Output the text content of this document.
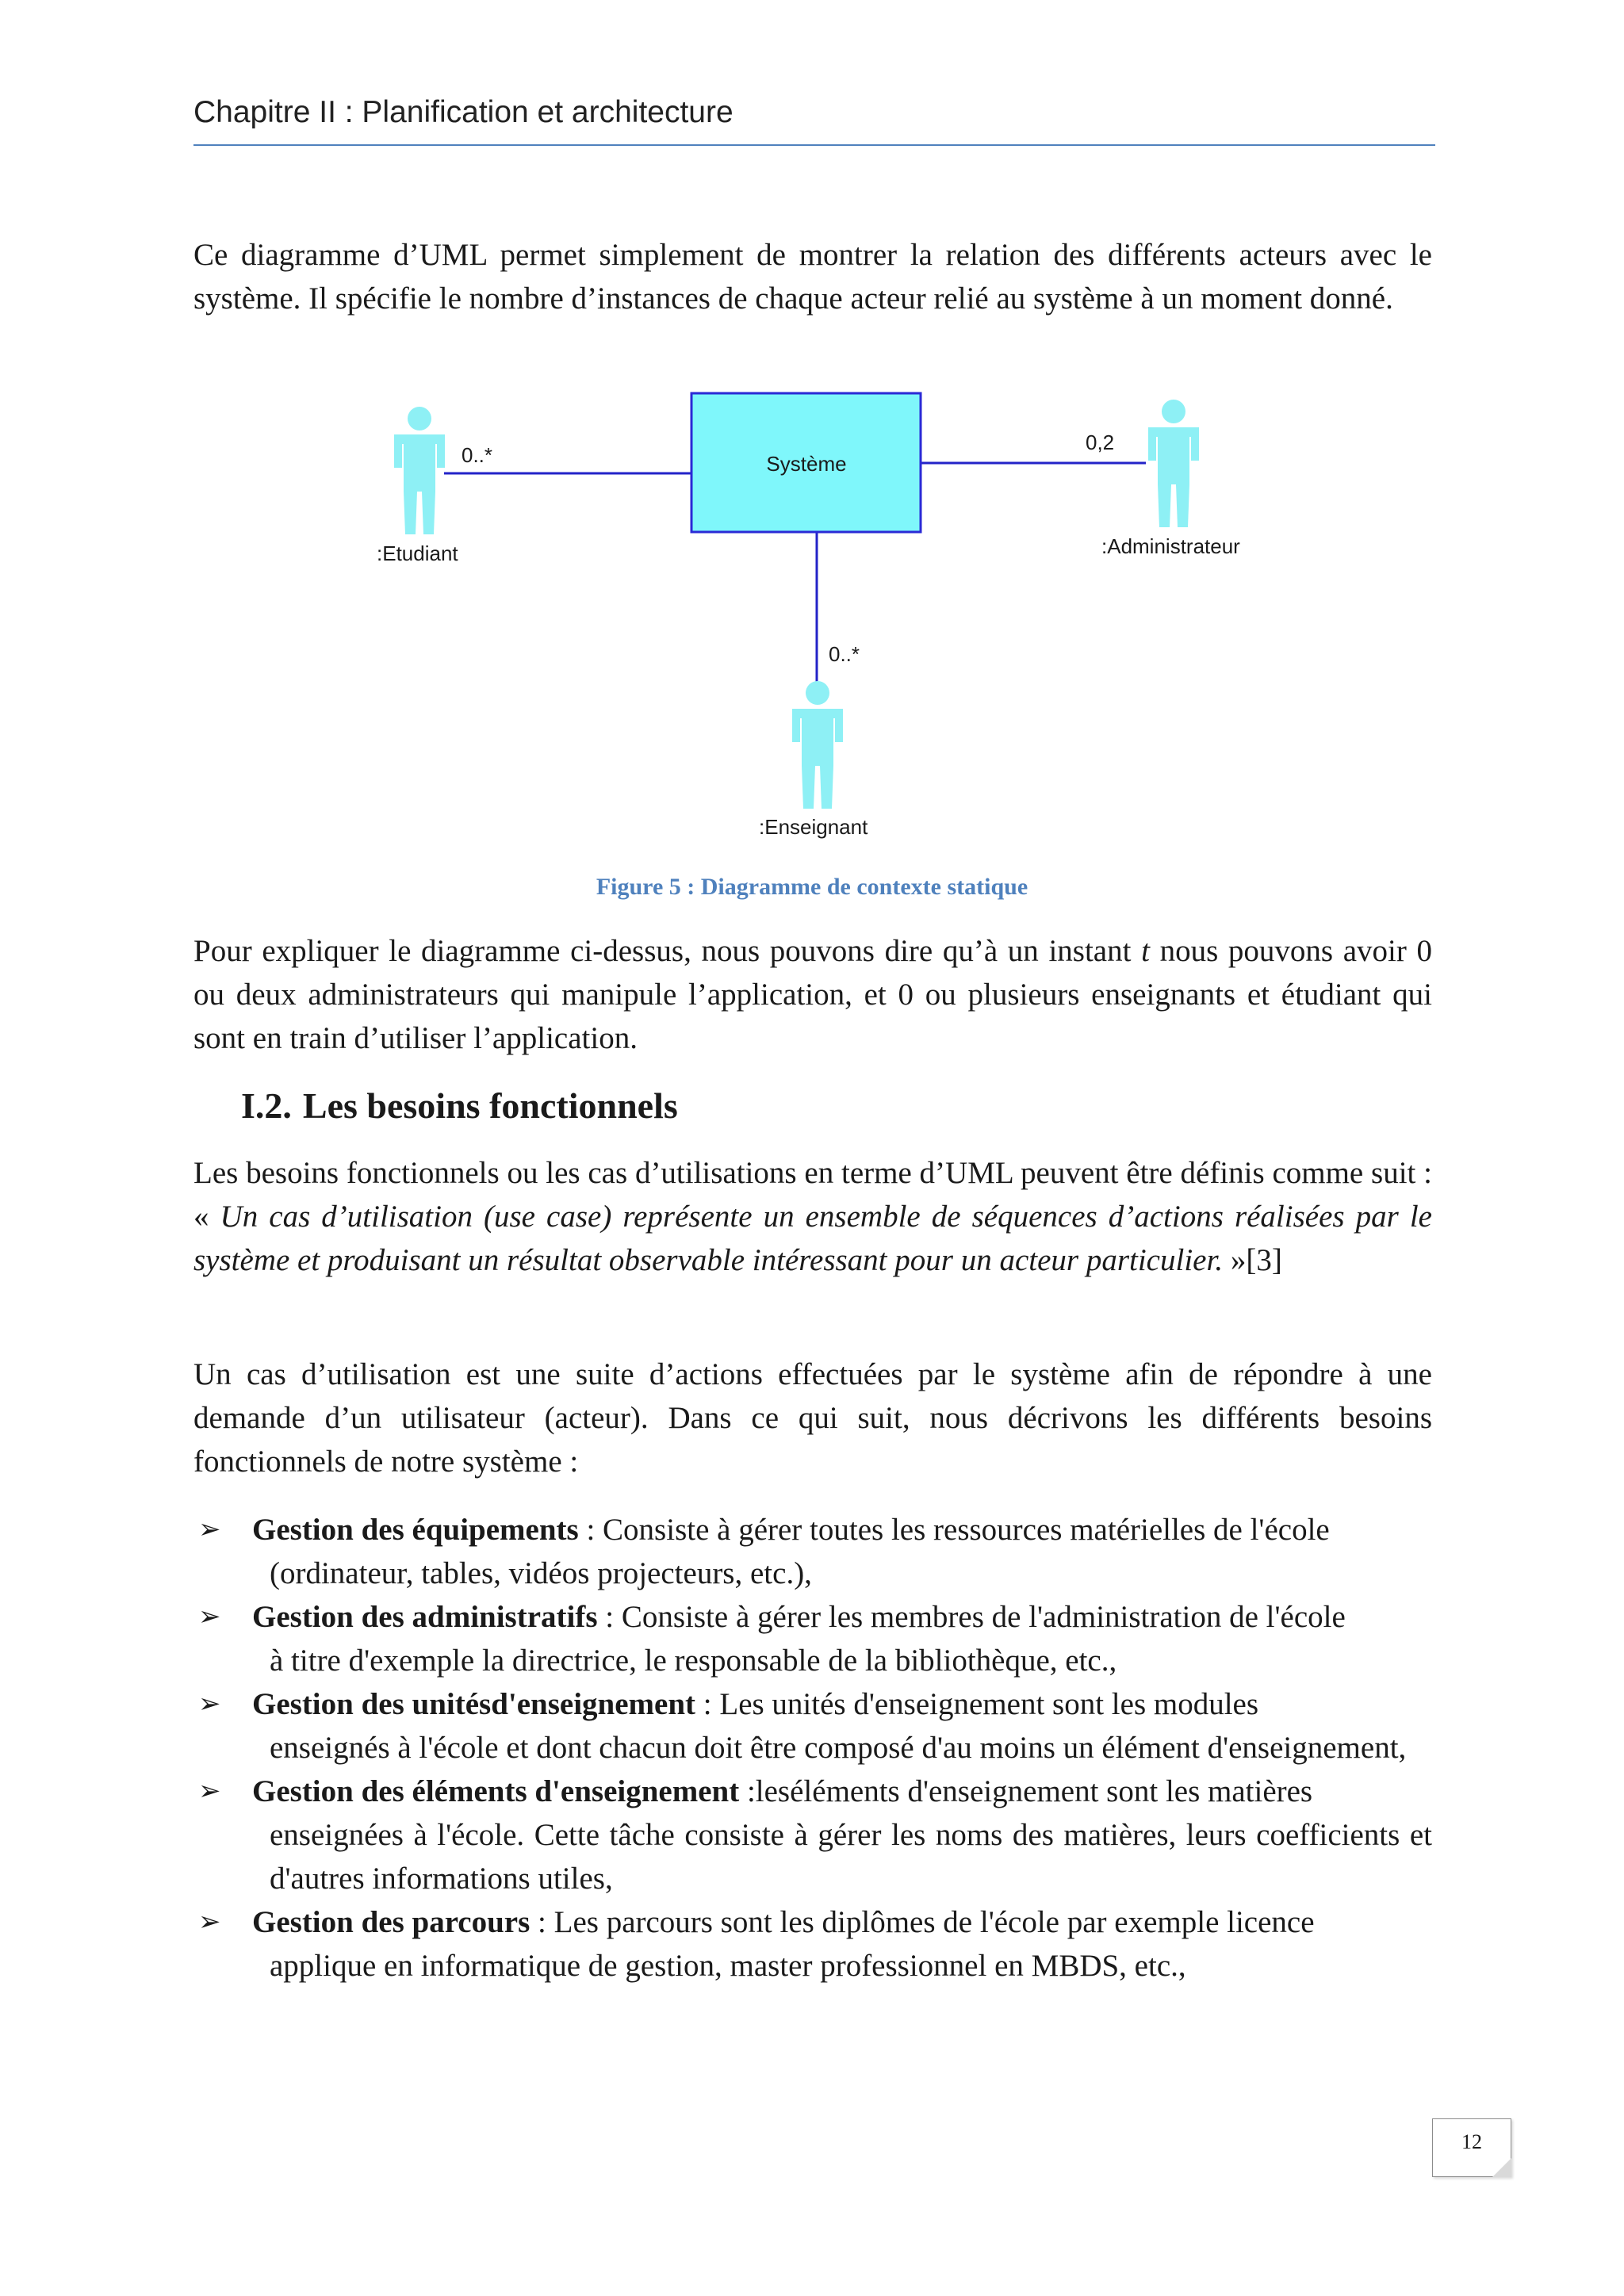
Chapitre II : Planification et architecture

Ce diagramme d’UML permet simplement de montrer la relation des différents acteurs avec le système. Il spécifie le nombre d’instances de chaque acteur relié au système à un moment donné.

Système
0..*
:Etudiant
0,2
:Administrateur
0..*
:Enseignant
Figure 5 : Diagramme de contexte statique

Pour expliquer le diagramme ci-dessus, nous pouvons dire qu’à un instant t nous pouvons avoir 0 ou deux administrateurs qui manipule l’application, et 0 ou plusieurs enseignants et étudiant qui sont en train d’utiliser l’application.

I.2. Les besoins fonctionnels

Les besoins fonctionnels ou les cas d’utilisations en terme d’UML peuvent être définis comme suit : « Un cas d’utilisation (use case) représente un ensemble de séquences d’actions réalisées par le système et produisant un résultat observable intéressant pour un acteur particulier. »[3]

Un cas d’utilisation est une suite d’actions effectuées par le système afin de répondre à une demande d’un utilisateur (acteur). Dans ce qui suit, nous décrivons les différents besoins fonctionnels de notre système :

➢ Gestion des équipements : Consiste à gérer toutes les ressources matérielles de l'école
(ordinateur, tables, vidéos projecteurs, etc.),
➢ Gestion des administratifs : Consiste à gérer les membres de l'administration de l'école
à titre d'exemple la directrice, le responsable de la bibliothèque, etc.,
➢ Gestion des unitésd'enseignement : Les unités d'enseignement sont les modules
enseignés à l'école et dont chacun doit être composé d'au moins un élément d'enseignement,
➢ Gestion des éléments d'enseignement :leséléments d'enseignement sont les matières
enseignées à l'école. Cette tâche consiste à gérer les noms des matières, leurs coefficients et d'autres informations utiles,
➢ Gestion des parcours : Les parcours sont les diplômes de l'école par exemple licence
applique en informatique de gestion, master professionnel en MBDS, etc.,
12
